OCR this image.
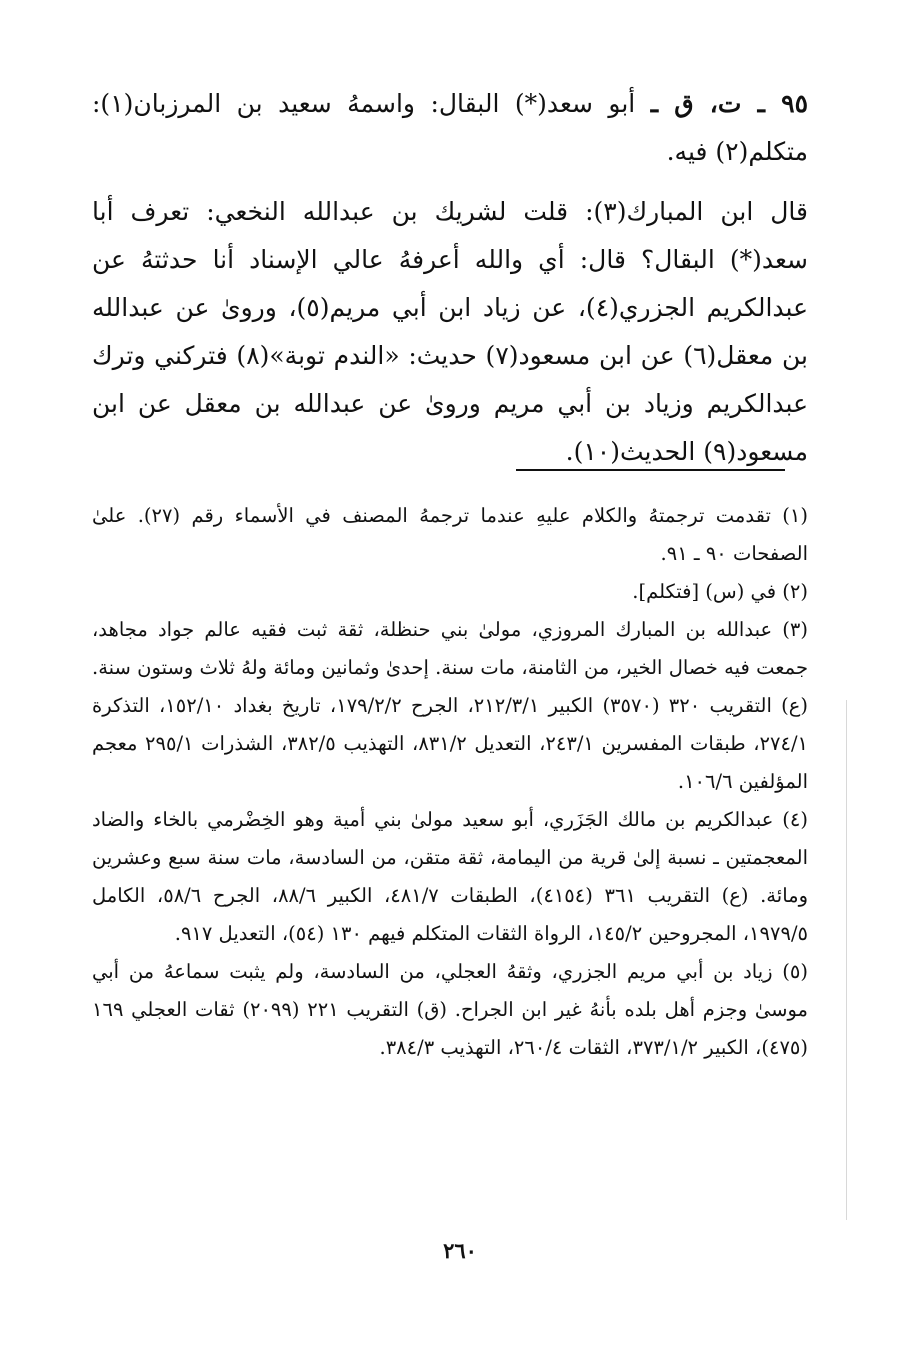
٩٥ ـ ت، ق ـ أبو سعد(*) البقال: واسمهُ سعيد بن المرزبان(١): متكلم(٢) فيه.

قال ابن المبارك(٣): قلت لشريك بن عبدالله النخعي: تعرف أبا سعد(*) البقال؟ قال: أي والله أعرفهُ عالي الإسناد أنا حدثتهُ عن عبدالكريم الجزري(٤)، عن زياد ابن أبي مريم(٥)، وروىٰ عن عبدالله بن معقل(٦) عن ابن مسعود(٧) حديث: «الندم توبة»(٨) فتركني وترك عبدالكريم وزياد بن أبي مريم وروىٰ عن عبدالله بن معقل عن ابن مسعود(٩) الحديث(١٠).

(١) تقدمت ترجمتهُ والكلام عليهِ عندما ترجمهُ المصنف في الأسماء رقم (٢٧). علىٰ الصفحات ٩٠ ـ ٩١.

(٢) في (س) [فتكلم].

(٣) عبدالله بن المبارك المروزي، مولىٰ بني حنظلة، ثقة ثبت فقيه عالم جواد مجاهد، جمعت فيه خصال الخير، من الثامنة، مات سنة. إحدىٰ وثمانين ومائة ولهُ ثلاث وستون سنة. (ع) التقريب ٣٢٠ (٣٥٧٠) الكبير ٢١٢/٣/١، الجرح ١٧٩/٢/٢، تاريخ بغداد ١٥٢/١٠، التذكرة ٢٧٤/١، طبقات المفسرين ٢٤٣/١، التعديل ٨٣١/٢، التهذيب ٣٨٢/٥، الشذرات ٢٩٥/١ معجم المؤلفين ١٠٦/٦.

(٤) عبدالكريم بن مالك الجَزَري، أبو سعيد مولىٰ بني أمية وهو الخِضْرمي بالخاء والضاد المعجمتين ـ نسبة إلىٰ قرية من اليمامة، ثقة متقن، من السادسة، مات سنة سبع وعشرين ومائة. (ع) التقريب ٣٦١ (٤١٥٤)، الطبقات ٤٨١/٧، الكبير ٨٨/٦، الجرح ٥٨/٦، الكامل ١٩٧٩/٥، المجروحين ١٤٥/٢، الرواة الثقات المتكلم فيهم ١٣٠ (٥٤)، التعديل ٩١٧.

(٥) زياد بن أبي مريم الجزري، وثقهُ العجلي، من السادسة، ولم يثبت سماعهُ من أبي موسىٰ وجزم أهل بلده بأنهُ غير ابن الجراح. (ق) التقريب ٢٢١ (٢٠٩٩) ثقات العجلي ١٦٩ (٤٧٥)، الكبير ٣٧٣/١/٢، الثقات ٢٦٠/٤، التهذيب ٣٨٤/٣.

٢٦٠
